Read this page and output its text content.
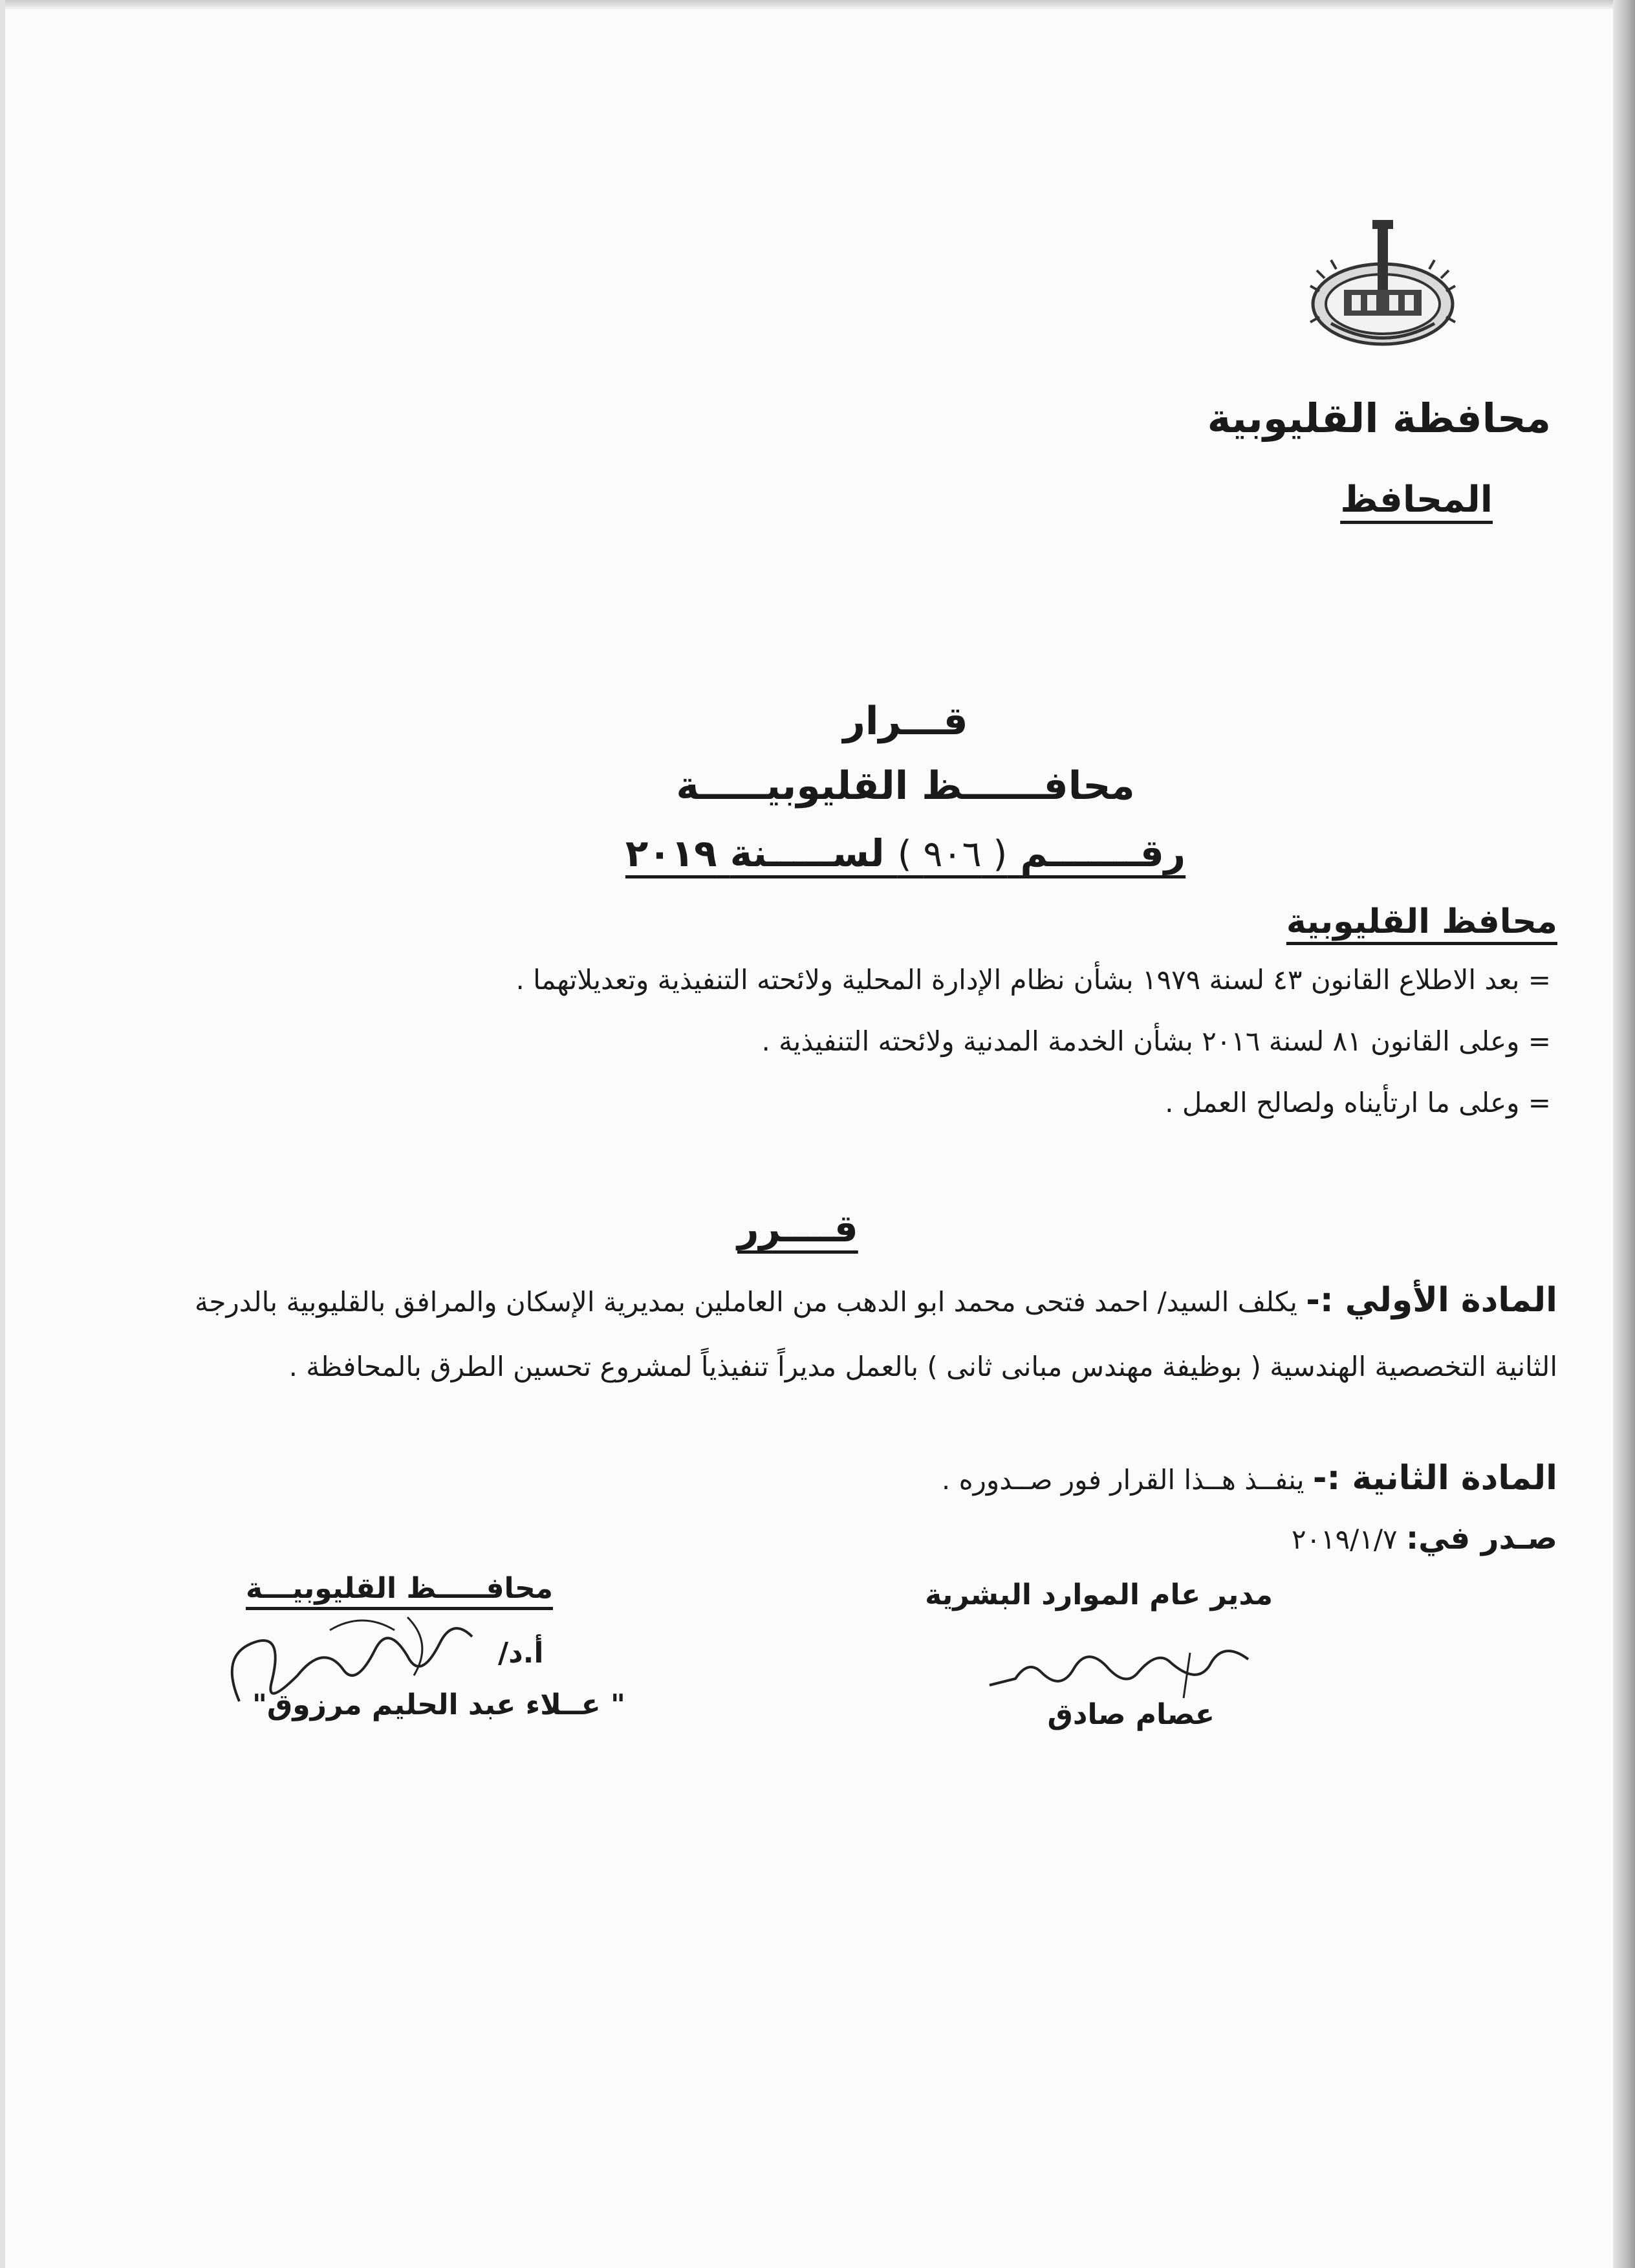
محافظة القليوبية
المحافظ
قـــرار
محافــــــظ القليوبيـــــة
رقـــــــم ( ٩٠٦ ) لســـــنة ٢٠١٩
محافظ القليوبية
= بعد الاطلاع القانون ٤٣ لسنة ١٩٧٩ بشأن نظام الإدارة المحلية ولائحته التنفيذية وتعديلاتهما .
= وعلى القانون ٨١ لسنة ٢٠١٦ بشأن الخدمة المدنية ولائحته التنفيذية .
= وعلى ما ارتأيناه ولصالح العمل .
قــــرر
المادة الأولي :- يكلف السيد/ احمد فتحى محمد ابو الدهب من العاملين بمديرية الإسكان والمرافق بالقليوبية بالدرجة الثانية التخصصية الهندسية ( بوظيفة مهندس مبانى ثانى ) بالعمل مديراً تنفيذياً لمشروع تحسين الطرق بالمحافظة .
المادة الثانية :- ينفــذ هــذا القرار فور صــدوره .
صـدر في: ٢٠١٩/١/٧
مدير عام الموارد البشرية
عصام صادق
محافـــــظ القليوبيـــة
أ.د/
" عــلاء عبد الحليم مرزوق"
